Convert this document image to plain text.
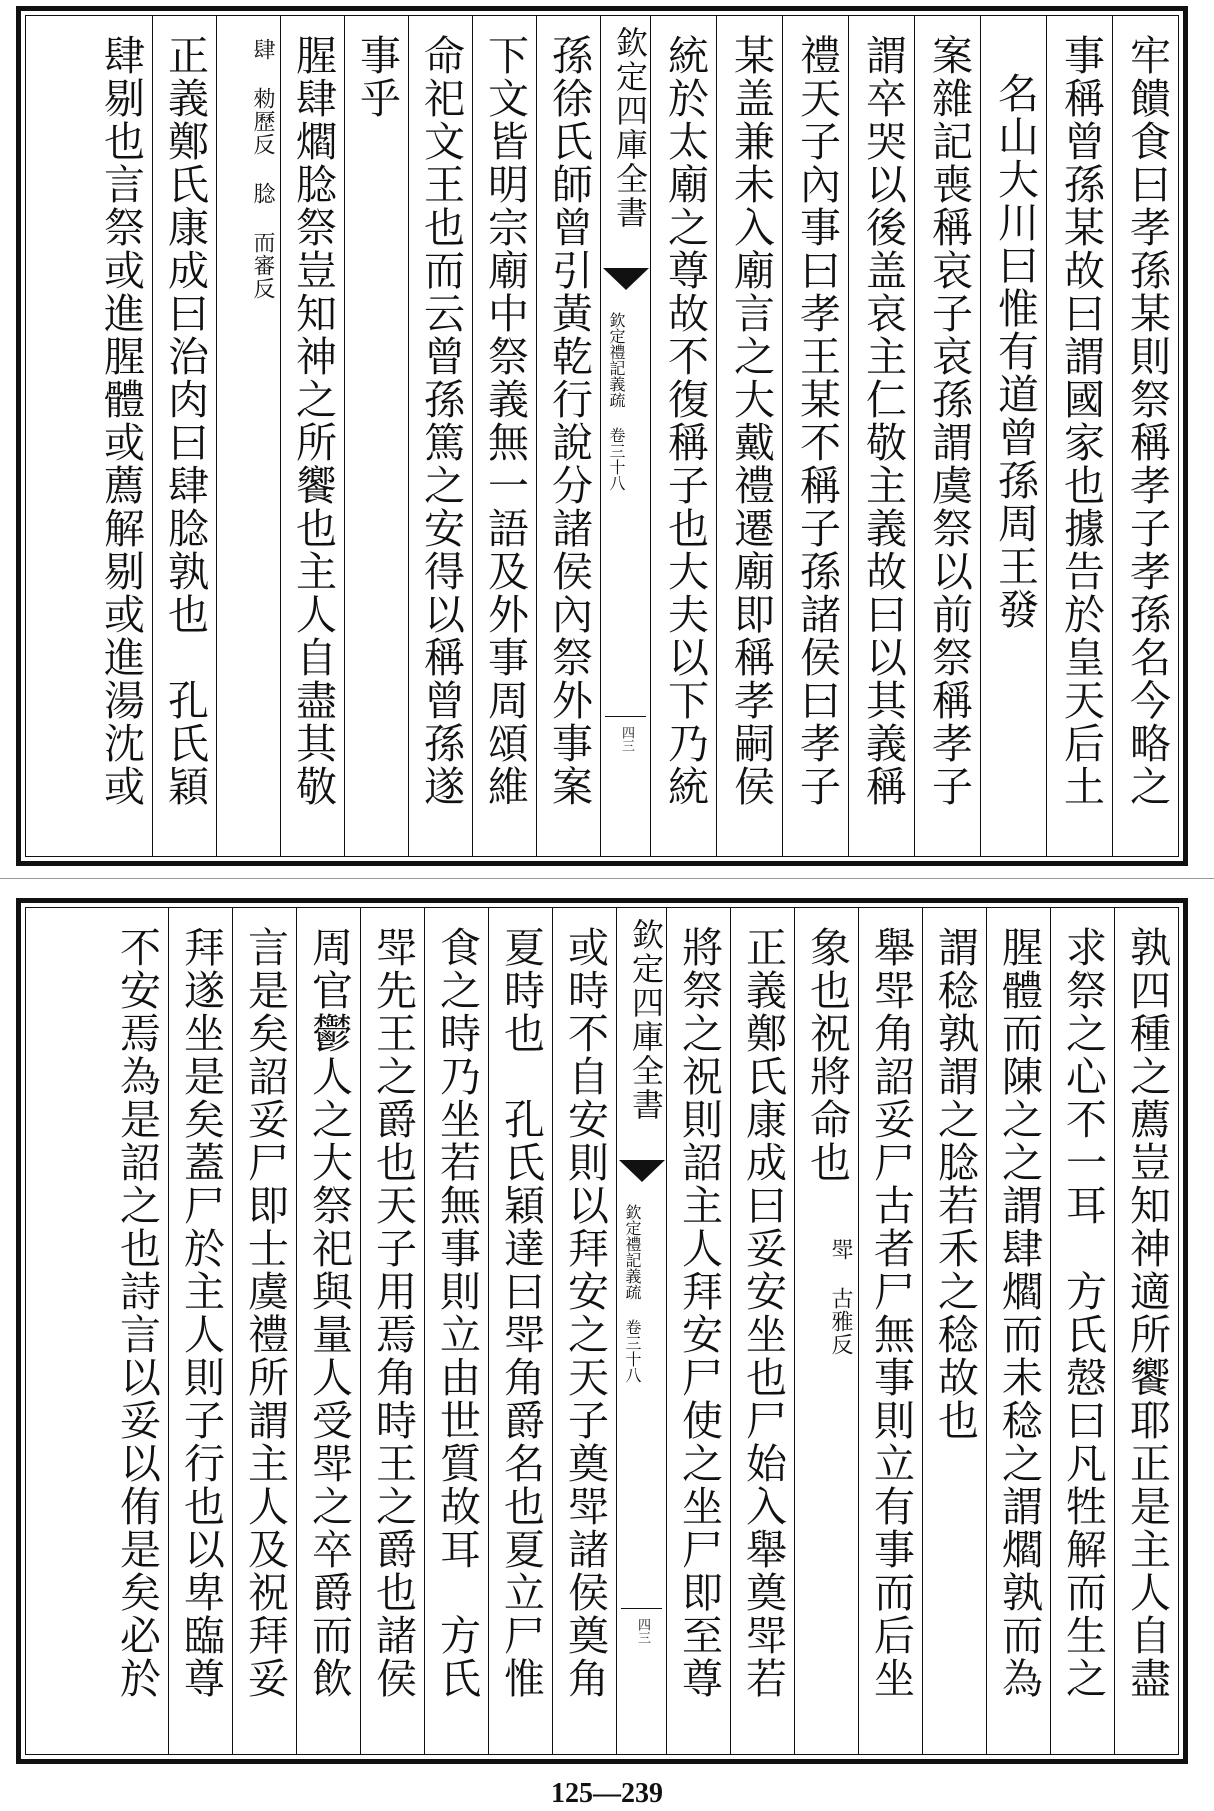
牢饋食曰孝孫某則祭稱孝子孝孫名今略之
事稱曾孫某故曰謂國家也據告於皇天后土
名山大川曰惟有道曾孫周王發
案雜記喪稱哀子哀孫謂虞祭以前祭稱孝子
謂卒哭以後盖哀主仁敬主義故曰以其義稱
禮天子內事曰孝王某不稱子孫諸侯曰孝子
某盖兼未入廟言之大戴禮遷廟即稱孝嗣侯
統於太廟之尊故不復稱子也大夫以下乃統
欽定四庫全書
欽定禮記義疏 卷三十八
四三
孫徐氏師曾引黃乾行說分諸侯內祭外事案
下文皆明宗廟中祭義無一語及外事周頌維
命祀文王也而云曾孫篤之安得以稱曾孫遂
事乎
腥肆爓腍祭豈知神之所饗也主人自盡其敬
肆 勑歷反 腍 而審反
正義鄭氏康成曰治肉曰肆腍孰也　孔氏穎
肆剔也言祭或進腥體或薦解剔或進湯沈或
孰四種之薦豈知神適所饗耶正是主人自盡
求祭之心不一耳　方氏慤曰凡牲解而生之
腥體而陳之之謂肆爓而未稔之謂爓孰而為
謂稔孰謂之腍若禾之稔故也
舉斝角詔妥尸古者尸無事則立有事而后坐
象也祝將命也
斝 古雅反
正義鄭氏康成曰妥安坐也尸始入舉奠斝若
將祭之祝則詔主人拜安尸使之坐尸即至尊
欽定四庫全書
欽定禮記義疏 卷三十八
四三
或時不自安則以拜安之天子奠斝諸侯奠角
夏時也　孔氏穎達曰斝角爵名也夏立尸惟
食之時乃坐若無事則立由世質故耳　方氏
斝先王之爵也天子用焉角時王之爵也諸侯
周官鬱人之大祭祀與量人受斝之卒爵而飲
言是矣詔妥尸即士虞禮所謂主人及祝拜妥
拜遂坐是矣蓋尸於主人則子行也以卑臨尊
不安焉為是詔之也詩言以妥以侑是矣必於
125—239
